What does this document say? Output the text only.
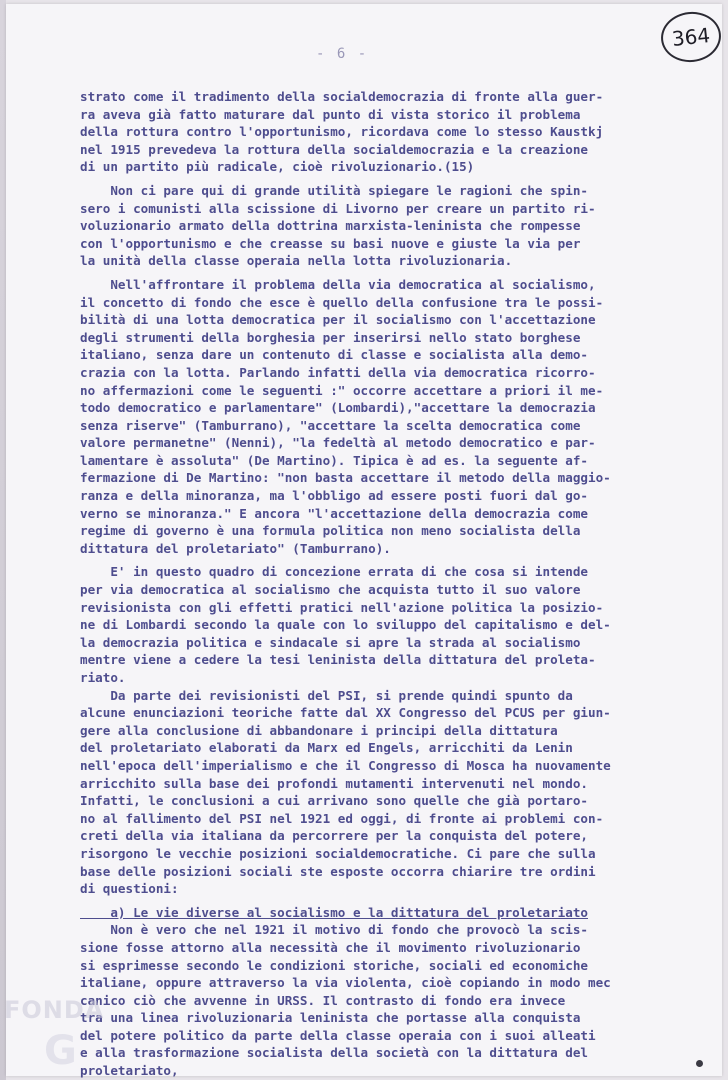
364
- 6 -
strato come il tradimento della socialdemocrazia di fronte alla guer-
ra aveva già fatto maturare dal punto di vista storico il problema
della rottura contro l'opportunismo, ricordava come lo stesso Kaustkj
nel 1915 prevedeva la rottura della socialdemocrazia e la creazione
di un partito più radicale, cioè rivoluzionario.(15)
Non ci pare qui di grande utilità spiegare le ragioni che spin-
sero i comunisti alla scissione di Livorno per creare un partito ri-
voluzionario armato della dottrina marxista-leninista che rompesse
con l'opportunismo e che creasse su basi nuove e giuste la via per
la unità della classe operaia nella lotta rivoluzionaria.
Nell'affrontare il problema della via democratica al socialismo,
il concetto di fondo che esce è quello della confusione tra le possi-
bilità di una lotta democratica per il socialismo con l'accettazione
degli strumenti della borghesia per inserirsi nello stato borghese
italiano, senza dare un contenuto di classe e socialista alla demo-
crazia con la lotta. Parlando infatti della via democratica ricorro-
no affermazioni come le seguenti :" occorre accettare a priori il me-
todo democratico e parlamentare" (Lombardi),"accettare la democrazia
senza riserve" (Tamburrano), "accettare la scelta democratica come
valore permanetne" (Nenni), "la fedeltà al metodo democratico e par-
lamentare è assoluta" (De Martino). Tipica è ad es. la seguente af-
fermazione di De Martino: "non basta accettare il metodo della maggio-
ranza e della minoranza, ma l'obbligo ad essere posti fuori dal go-
verno se minoranza." E ancora "l'accettazione della democrazia come
regime di governo è una formula politica non meno socialista della
dittatura del proletariato" (Tamburrano).
E' in questo quadro di concezione errata di che cosa si intende
per via democratica al socialismo che acquista tutto il suo valore
revisionista con gli effetti pratici nell'azione politica la posizio-
ne di Lombardi secondo la quale con lo sviluppo del capitalismo e del-
la democrazia politica e sindacale si apre la strada al socialismo
mentre viene a cedere la tesi leninista della dittatura del proleta-
riato.
Da parte dei revisionisti del PSI, si prende quindi spunto da
alcune enunciazioni teoriche fatte dal XX Congresso del PCUS per giun-
gere alla conclusione di abbandonare i principi della dittatura
del proletariato elaborati da Marx ed Engels, arricchiti da Lenin
nell'epoca dell'imperialismo e che il Congresso di Mosca ha nuovamente
arricchito sulla base dei profondi mutamenti intervenuti nel mondo.
Infatti, le conclusioni a cui arrivano sono quelle che già portaro-
no al fallimento del PSI nel 1921 ed oggi, di fronte ai problemi con-
creti della via italiana da percorrere per la conquista del potere,
risorgono le vecchie posizioni socialdemocratiche. Ci pare che sulla
base delle posizioni sociali ste esposte occorra chiarire tre ordini
di questioni:
a) Le vie diverse al socialismo e la dittatura del proletariato
Non è vero che nel 1921 il motivo di fondo che provocò la scis-
sione fosse attorno alla necessità che il movimento rivoluzionario
si esprimesse secondo le condizioni storiche, sociali ed economiche
italiane, oppure attraverso la via violenta, cioè copiando in modo mec
canico ciò che avvenne in URSS. Il contrasto di fondo era invece
tra una linea rivoluzionaria leninista che portasse alla conquista
del potere politico da parte della classe operaia con i suoi alleati
e alla trasformazione socialista della società con la dittatura del
proletariato,
FONDA
G
